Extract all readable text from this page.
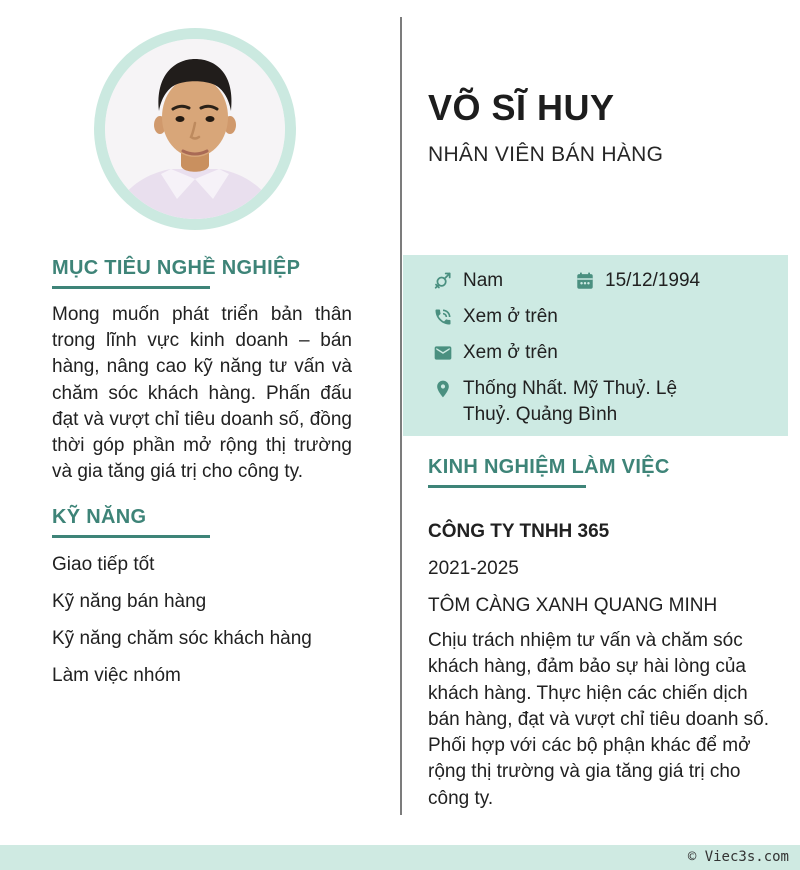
MỤC TIÊU NGHỀ NGHIỆP
Mong muốn phát triển bản thân trong lĩnh vực kinh doanh – bán hàng, nâng cao kỹ năng tư vấn và chăm sóc khách hàng. Phấn đấu đạt và vượt chỉ tiêu doanh số, đồng thời góp phần mở rộng thị trường và gia tăng giá trị cho công ty.
KỸ NĂNG
Giao tiếp tốt
Kỹ năng bán hàng
Kỹ năng chăm sóc khách hàng
Làm việc nhóm
VÕ SĨ HUY
NHÂN VIÊN BÁN HÀNG
Nam	15/12/1994
Xem ở trên
Xem ở trên
Thống Nhất. Mỹ Thuỷ. Lệ Thuỷ. Quảng Bình
KINH NGHIỆM LÀM VIỆC
CÔNG TY TNHH 365
2021-2025
TÔM CÀNG XANH QUANG MINH
Chịu trách nhiệm tư vấn và chăm sóc khách hàng, đảm bảo sự hài lòng của khách hàng. Thực hiện các chiến dịch bán hàng, đạt và vượt chỉ tiêu doanh số. Phối hợp với các bộ phận khác để mở rộng thị trường và gia tăng giá trị cho công ty.
© Viec3s.com
